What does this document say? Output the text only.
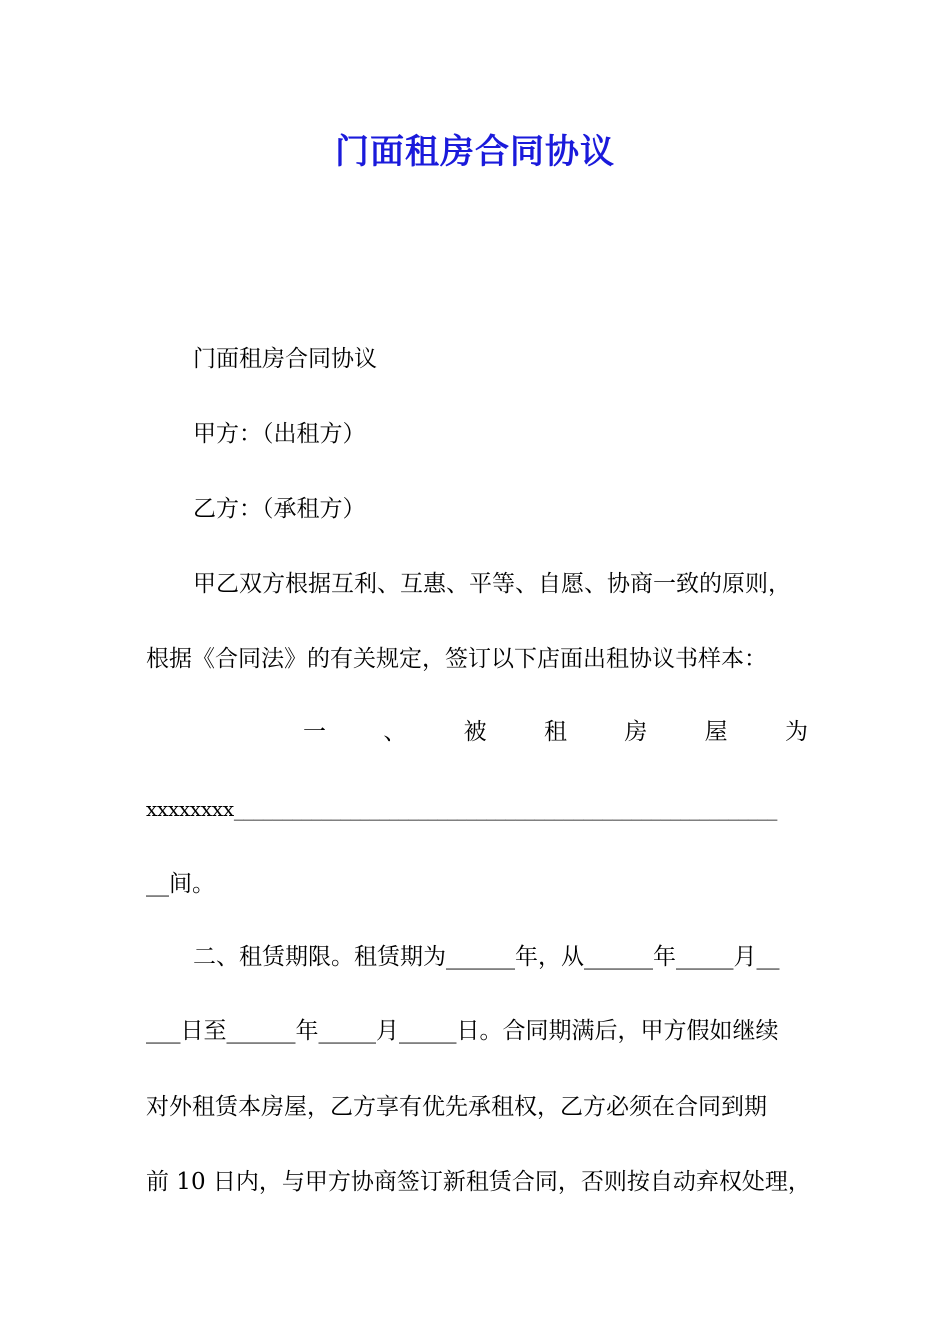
门面租房合同协议
门面租房合同协议
甲方：（出租方）
乙方：（承租方）
甲乙双方根据互利、互惠、平等、自愿、协商一致的原则，
根据《合同法》的有关规定，签订以下店面出租协议书样本：
一 、 被 租 房 屋 为
xxxxxxxx________________________________________________________
__间。
二、租赁期限。租赁期为______年，从______年_____月__
___日至______年_____月_____日。合同期满后，甲方假如继续
对外租赁本房屋，乙方享有优先承租权，乙方必须在合同到期
前 10 日内，与甲方协商签订新租赁合同，否则按自动弃权处理，
